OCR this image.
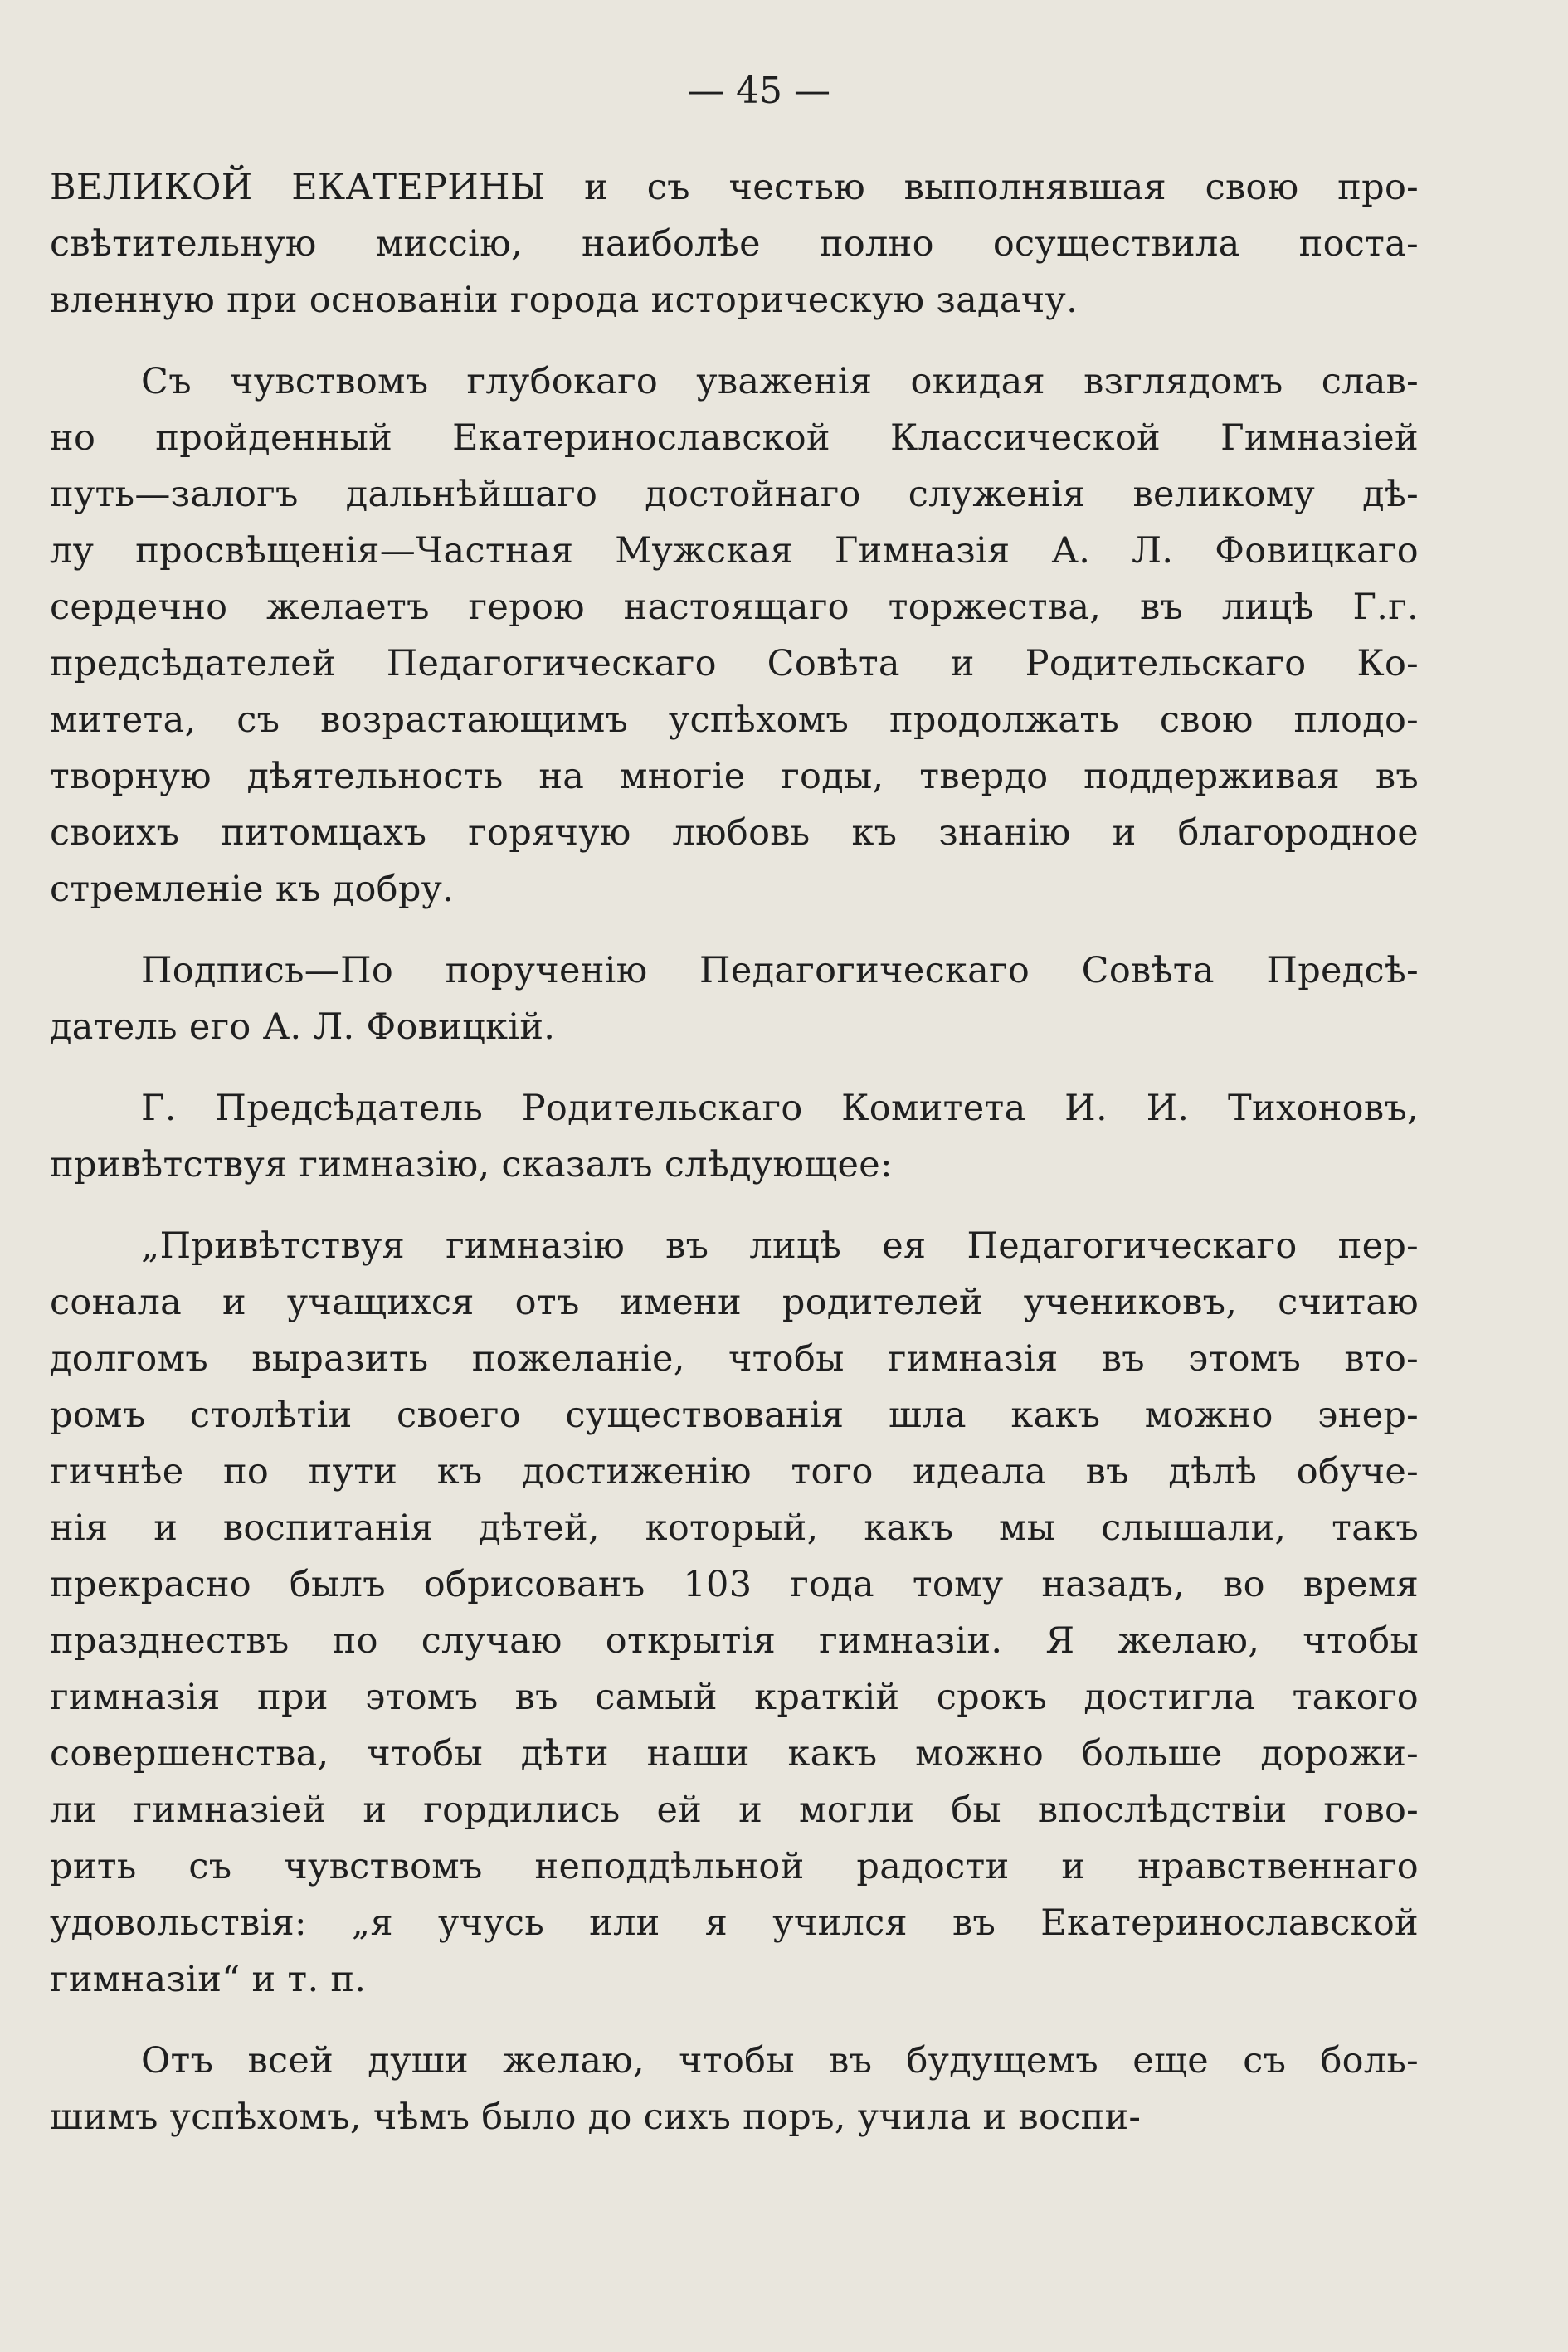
— 45 —
ВЕЛИКОЙ ЕКАТЕРИНЫ и съ честью выполнявшая свою про-
свѣтительную миссію, наиболѣе полно осуществила поста-
вленную при основаніи города историческую задачу.
Съ чувствомъ глубокаго уваженія окидая взглядомъ слав-
но пройденный Екатеринославской Классической Гимназіей
путь—залогъ дальнѣйшаго достойнаго служенія великому дѣ-
лу просвѣщенія—Частная Мужская Гимназія А. Л. Фовицкаго
сердечно желаетъ герою настоящаго торжества, въ лицѣ Г.г.
предсѣдателей Педагогическаго Совѣта и Родительскаго Ко-
митета, съ возрастающимъ успѣхомъ продолжать свою плодо-
творную дѣятельность на многіе годы, твердо поддерживая въ
своихъ питомцахъ горячую любовь къ знанію и благородное
стремленіе къ добру.
Подпись—По порученію Педагогическаго Совѣта Предсѣ-
датель его А. Л. Фовицкій.
Г. Предсѣдатель Родительскаго Комитета И. И. Тихоновъ,
привѣтствуя гимназію, сказалъ слѣдующее:
„Привѣтствуя гимназію въ лицѣ ея Педагогическаго пер-
сонала и учащихся отъ имени родителей учениковъ, считаю
долгомъ выразить пожеланіе, чтобы гимназія въ этомъ вто-
ромъ столѣтіи своего существованія шла какъ можно энер-
гичнѣе по пути къ достиженію того идеала въ дѣлѣ обуче-
нія и воспитанія дѣтей, который, какъ мы слышали, такъ
прекрасно былъ обрисованъ 103 года тому назадъ, во время
празднествъ по случаю открытія гимназіи. Я желаю, чтобы
гимназія при этомъ въ самый краткій срокъ достигла такого
совершенства, чтобы дѣти наши какъ можно больше дорожи-
ли гимназіей и гордились ей и могли бы впослѣдствіи гово-
рить съ чувствомъ неподдѣльной радости и нравственнаго
удовольствія: „я учусь или я учился въ Екатеринославской
гимназіи“ и т. п.
Отъ всей души желаю, чтобы въ будущемъ еще съ боль-
шимъ успѣхомъ, чѣмъ было до сихъ поръ, учила и воспи-
